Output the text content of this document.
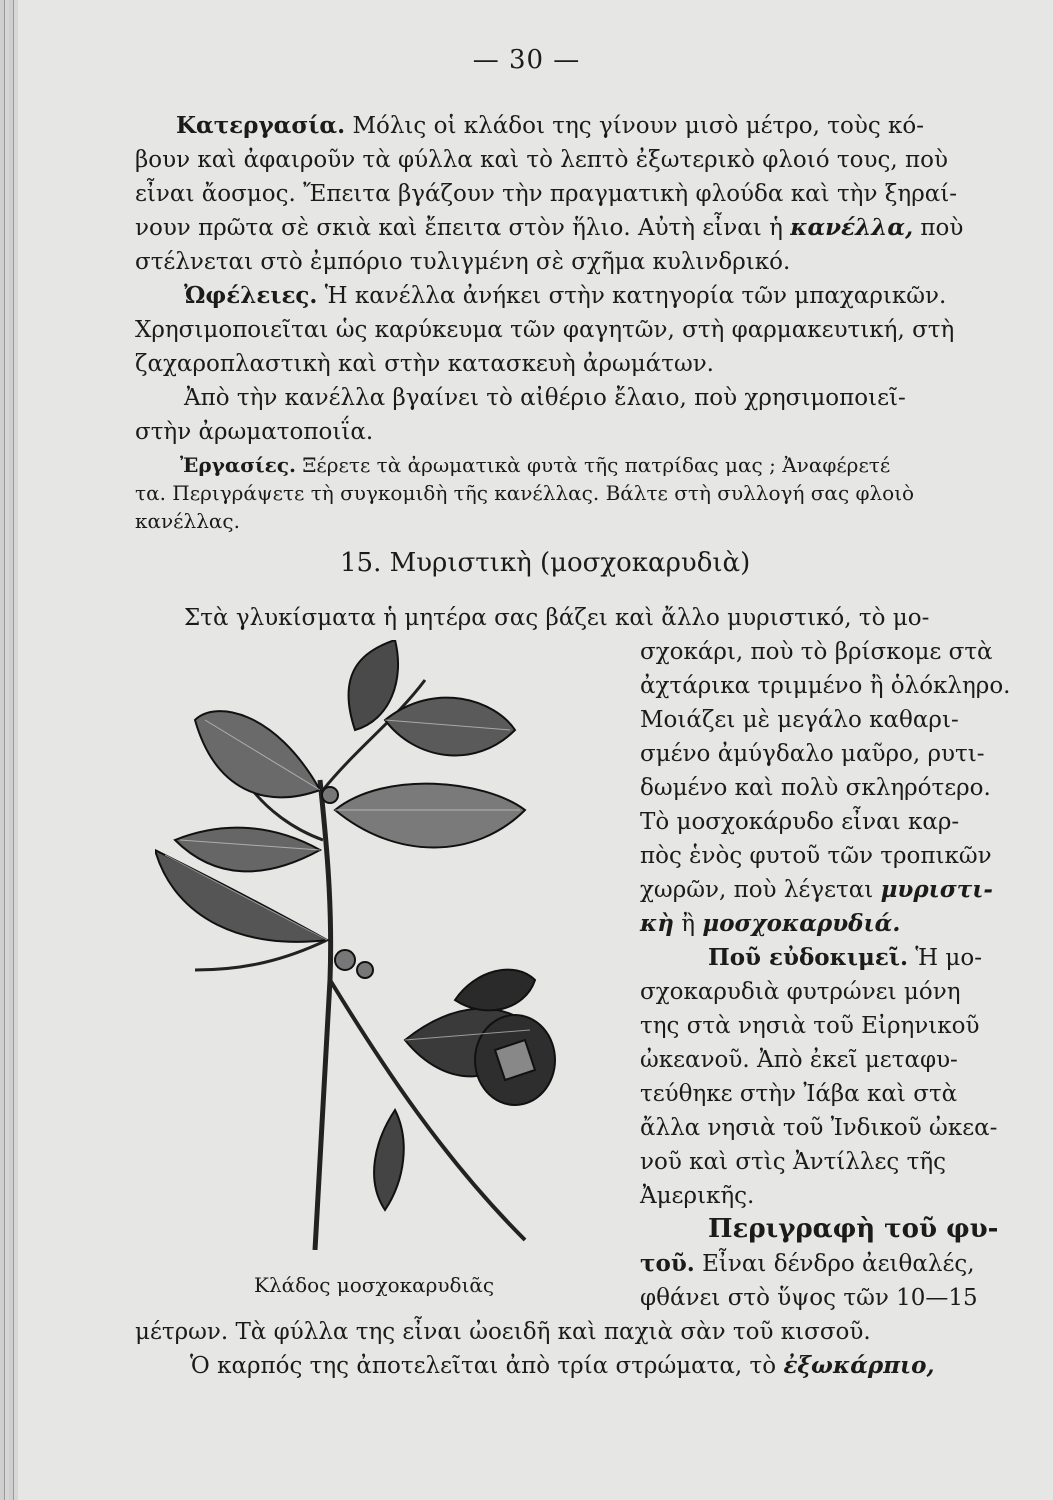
— 30 —
Κατεργασία. Μόλις οἱ κλάδοι της γίνουν μισὸ μέτρο, τοὺς κό-
βουν καὶ ἀφαιροῦν τὰ φύλλα καὶ τὸ λεπτὸ ἐξωτερικὸ φλοιό τους, ποὺ
εἶναι ἄοσμος. Ἔπειτα βγάζουν τὴν πραγματικὴ φλούδα καὶ τὴν ξηραί-
νουν πρῶτα σὲ σκιὰ καὶ ἔπειτα στὸν ἥλιο. Αὐτὴ εἶναι ἡ κανέλλα, ποὺ
στέλνεται στὸ ἐμπόριο τυλιγμένη σὲ σχῆμα κυλινδρικό.
Ὠφέλειες. Ἡ κανέλλα ἀνήκει στὴν κατηγορία τῶν μπαχαρικῶν.
Χρησιμοποιεῖται ὡς καρύκευμα τῶν φαγητῶν, στὴ φαρμακευτική, στὴ
ζαχαροπλαστικὴ καὶ στὴν κατασκευὴ ἀρωμάτων.
Ἀπὸ τὴν κανέλλα βγαίνει τὸ αἰθέριο ἔλαιο, ποὺ χρησιμοποιεῖ-
στὴν ἀρωματοποιΐα.
Ἐργασίες. Ξέρετε τὰ ἀρωματικὰ φυτὰ τῆς πατρίδας μας ; Ἀναφέρετέ
τα. Περιγράψετε τὴ συγκομιδὴ τῆς κανέλλας. Βάλτε στὴ συλλογή σας φλοιὸ
κανέλλας.
15. Μυριστικὴ (μοσχοκαρυδιὰ)
Στὰ γλυκίσματα ἡ μητέρα σας βάζει καὶ ἄλλο μυριστικό, τὸ μο-
σχοκάρι, ποὺ τὸ βρίσκομε στὰ
ἀχτάρικα τριμμένο ἢ ὁλόκληρο.
Μοιάζει μὲ μεγάλο καθαρι-
σμένο ἀμύγδαλο μαῦρο, ρυτι-
δωμένο καὶ πολὺ σκληρότερο.
Τὸ μοσχοκάρυδο εἶναι καρ-
πὸς ἑνὸς φυτοῦ τῶν τροπικῶν
χωρῶν, ποὺ λέγεται μυριστι-
κὴ ἢ μοσχοκαρυδιά.
Ποῦ εὐδοκιμεῖ. Ἡ μο-
σχοκαρυδιὰ φυτρώνει μόνη
της στὰ νησιὰ τοῦ Εἰρηνικοῦ
ὠκεανοῦ. Ἀπὸ ἐκεῖ μεταφυ-
τεύθηκε στὴν Ἰάβα καὶ στὰ
ἄλλα νησιὰ τοῦ Ἰνδικοῦ ὠκεα-
νοῦ καὶ στὶς Ἀντίλλες τῆς
Ἀμερικῆς.
Περιγραφὴ τοῦ φυ-
τοῦ. Εἶναι δένδρο ἀειθαλές,
φθάνει στὸ ὕψος τῶν 10—15
Κλάδος μοσχοκαρυδιᾶς
μέτρων. Τὰ φύλλα της εἶναι ὠοειδῆ καὶ παχιὰ σὰν τοῦ κισσοῦ.
Ὁ καρπός της ἀποτελεῖται ἀπὸ τρία στρώματα, τὸ ἐξωκάρπιο,
